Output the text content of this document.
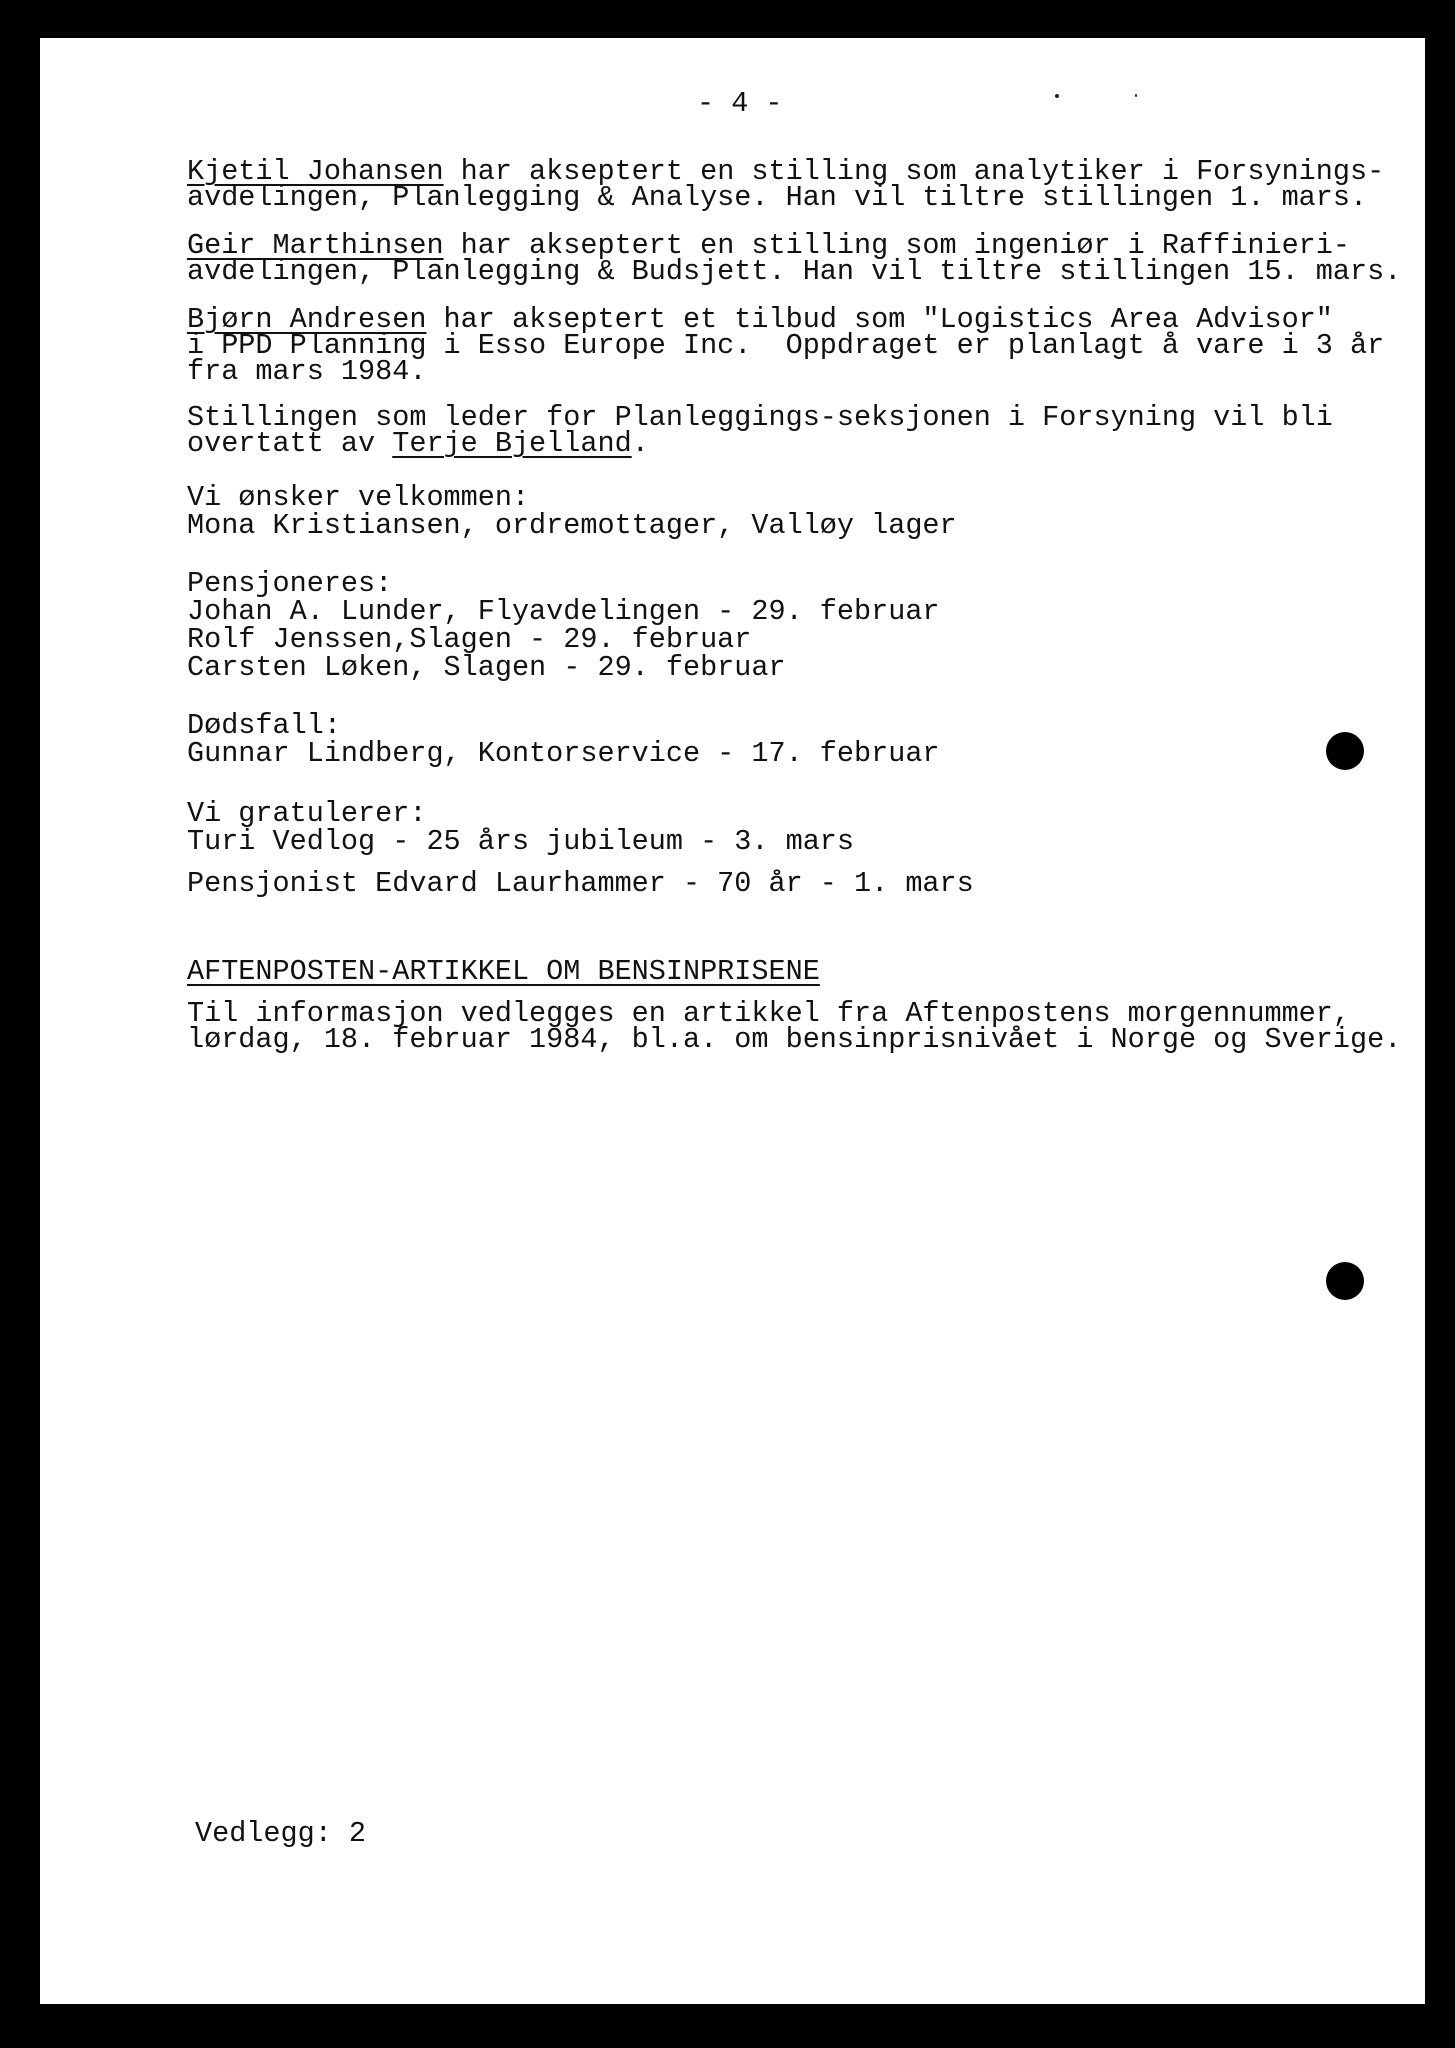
- 4 -
Kjetil Johansen har akseptert en stilling som analytiker i Forsynings-
avdelingen, Planlegging & Analyse. Han vil tiltre stillingen 1. mars.
Geir Marthinsen har akseptert en stilling som ingeniør i Raffinieri-
avdelingen, Planlegging & Budsjett. Han vil tiltre stillingen 15. mars.
Bjørn Andresen har akseptert et tilbud som "Logistics Area Advisor"
i PPD Planning i Esso Europe Inc.  Oppdraget er planlagt å vare i 3 år
fra mars 1984.
Stillingen som leder for Planleggings-seksjonen i Forsyning vil bli
overtatt av Terje Bjelland.
Vi ønsker velkommen:
Mona Kristiansen, ordremottager, Valløy lager
Pensjoneres:
Johan A. Lunder, Flyavdelingen - 29. februar
Rolf Jenssen,Slagen - 29. februar
Carsten Løken, Slagen - 29. februar
Dødsfall:
Gunnar Lindberg, Kontorservice - 17. februar
Vi gratulerer:
Turi Vedlog - 25 års jubileum - 3. mars
Pensjonist Edvard Laurhammer - 70 år - 1. mars
AFTENPOSTEN-ARTIKKEL OM BENSINPRISENE
Til informasjon vedlegges en artikkel fra Aftenpostens morgennummer,
lørdag, 18. februar 1984, bl.a. om bensinprisnivået i Norge og Sverige.
Vedlegg: 2
